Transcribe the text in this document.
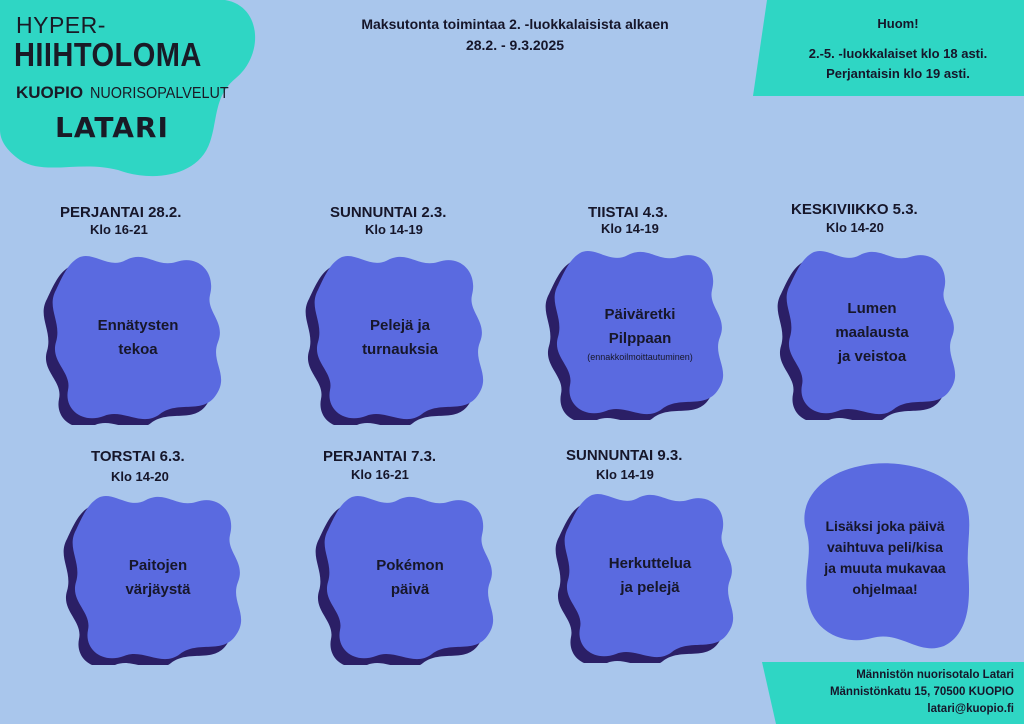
HYPER-
HIIHTOLOMA
KUOPIO NUORISOPALVELUT
LATARI
Maksutonta toimintaa 2. -luokkalaisista alkaen
28.2. - 9.3.2025
Huom!
2.-5. -luokkalaiset klo 18 asti.
Perjantaisin klo 19 asti.
PERJANTAI 28.2.
Klo 16-21
SUNNUNTAI 2.3.
Klo 14-19
TIISTAI 4.3.
Klo 14-19
KESKIVIIKKO 5.3.
Klo 14-20
TORSTAI 6.3.
Klo 14-20
PERJANTAI 7.3.
Klo 16-21
SUNNUNTAI 9.3.
Klo 14-19
Ennätysten
tekoa
Pelejä ja
turnauksia
Päiväretki
Pilppaan
(ennakkoilmoittautuminen)
Lumen
maalausta
ja veistoa
Paitojen
värjäystä
Pokémon
päivä
Herkuttelua
ja pelejä
Lisäksi joka päivä
vaihtuva peli/kisa
ja muuta mukavaa
ohjelmaa!
Männistön nuorisotalo Latari
Männistönkatu 15, 70500 KUOPIO
latari@kuopio.fi
